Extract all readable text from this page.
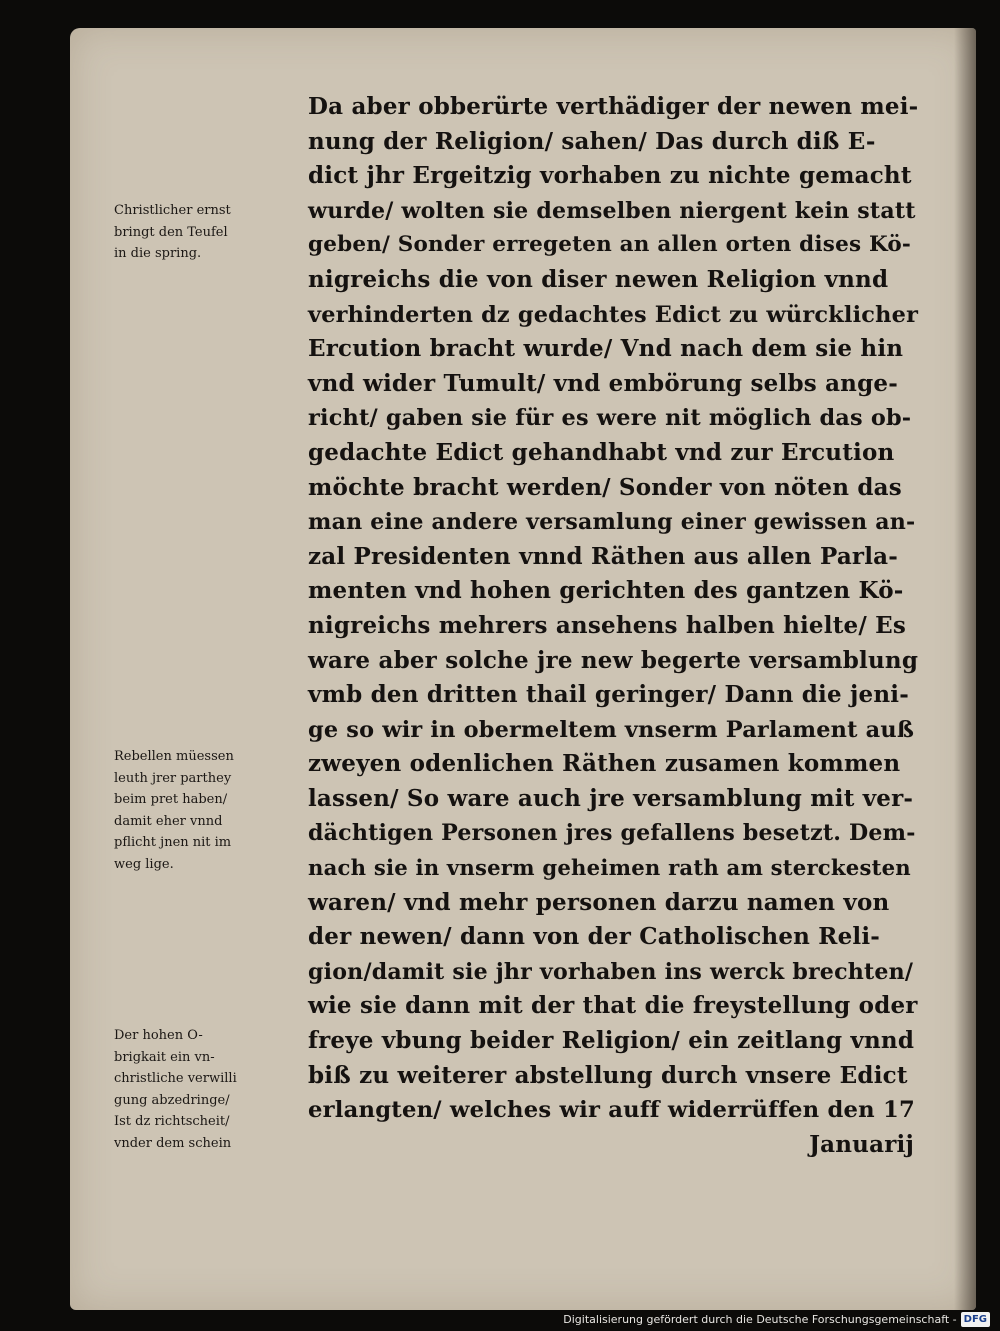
Christlicher ernst
bringt den Teufel
in die spring.
Rebellen müessen
leuth jrer parthey
beim pret haben/
damit eher vnnd
pflicht jnen nit im
weg lige.
Der hohen O-
brigkait ein vn-
christliche verwilli
gung abzedringe/
Ist dz richtscheit/
vnder dem schein
Da aber obberürte verthädiger der newen mei-
nung der Religion/ sahen/ Das durch diß E-
dict jhr Ergeitzig vorhaben zu nichte gemacht
wurde/ wolten sie demselben niergent kein statt
geben/ Sonder erregeten an allen orten dises Kö-
nigreichs die von diser newen Religion vnnd
verhinderten dz gedachtes Edict zu würcklicher
Ercution bracht wurde/ Vnd nach dem sie hin
vnd wider Tumult/ vnd embörung selbs ange-
richt/ gaben sie für es were nit möglich das ob-
gedachte Edict gehandhabt vnd zur Ercution
möchte bracht werden/ Sonder von nöten das
man eine andere versamlung einer gewissen an-
zal Presidenten vnnd Räthen aus allen Parla-
menten vnd hohen gerichten des gantzen Kö-
nigreichs mehrers ansehens halben hielte/ Es
ware aber solche jre new begerte versamblung
vmb den dritten thail geringer/ Dann die jeni-
ge so wir in obermeltem vnserm Parlament auß
zweyen odenlichen Räthen zusamen kommen
lassen/ So ware auch jre versamblung mit ver-
dächtigen Personen jres gefallens besetzt. Dem-
nach sie in vnserm geheimen rath am sterckesten
waren/ vnd mehr personen darzu namen von
der newen/ dann von der Catholischen Reli-
gion/damit sie jhr vorhaben ins werck brechten/
wie sie dann mit der that die freystellung oder
freye vbung beider Religion/ ein zeitlang vnnd
biß zu weiterer abstellung durch vnsere Edict
erlangten/ welches wir auff widerrüffen den 17
Januarij
Digitalisierung gefördert durch die Deutsche Forschungsgemeinschaft - DFG
